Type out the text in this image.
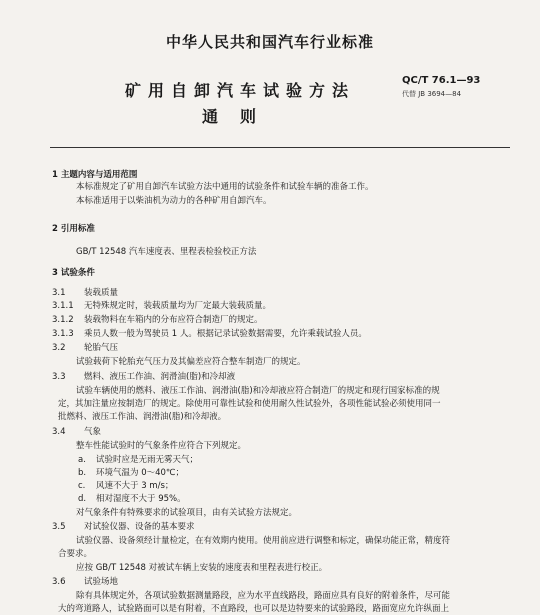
中华人民共和国汽车行业标准
矿用自卸汽车试验方法
通则
QC/T 76.1—93
代替 JB 3694—84
1 主题内容与适用范围
本标准规定了矿用自卸汽车试验方法中通用的试验条件和试验车辆的准备工作。
本标准适用于以柴油机为动力的各种矿用自卸汽车。
2 引用标准
GB/T 12548 汽车速度表、里程表检验校正方法
3 试验条件
3.1 装载质量
3.1.1 无特殊规定时，装载质量均为厂定最大装载质量。
3.1.2 装载物料在车箱内的分布应符合制造厂的规定。
3.1.3 乘员人数一般为驾驶员 1 人。根据记录试验数据需要，允许乘载试验人员。
3.2 轮胎气压
试验载荷下轮胎充气压力及其偏差应符合整车制造厂的规定。
3.3 燃料、液压工作油、润滑油(脂)和冷却液
试验车辆使用的燃料、液压工作油、润滑油(脂)和冷却液应符合制造厂的规定和现行国家标准的规
定，其加注量应按制造厂的规定。除使用可靠性试验和使用耐久性试验外，各项性能试验必须使用同一
批燃料、液压工作油、润滑油(脂)和冷却液。
3.4 气象
整车性能试验时的气象条件应符合下列规定。
a. 试验时应是无雨无雾天气；
b. 环境气温为 0～40℃；
c. 风速不大于 3 m/s；
d. 相对湿度不大于 95%。
对气象条件有特殊要求的试验项目，由有关试验方法规定。
3.5 对试验仪器、设备的基本要求
试验仪器、设备须经计量检定，在有效期内使用。使用前应进行调整和标定，确保功能正常，精度符
合要求。
应按 GB/T 12548 对被试车辆上安装的速度表和里程表进行校正。
3.6 试验场地
除有具体规定外，各项试验数据测量路段，应为水平直线路段，路面应具有良好的附着条件，尽可能
大的弯道路人，试验路面可以是有附着，不直路段，也可以是边特要来的试验路段，路面宽应允许纵面上
